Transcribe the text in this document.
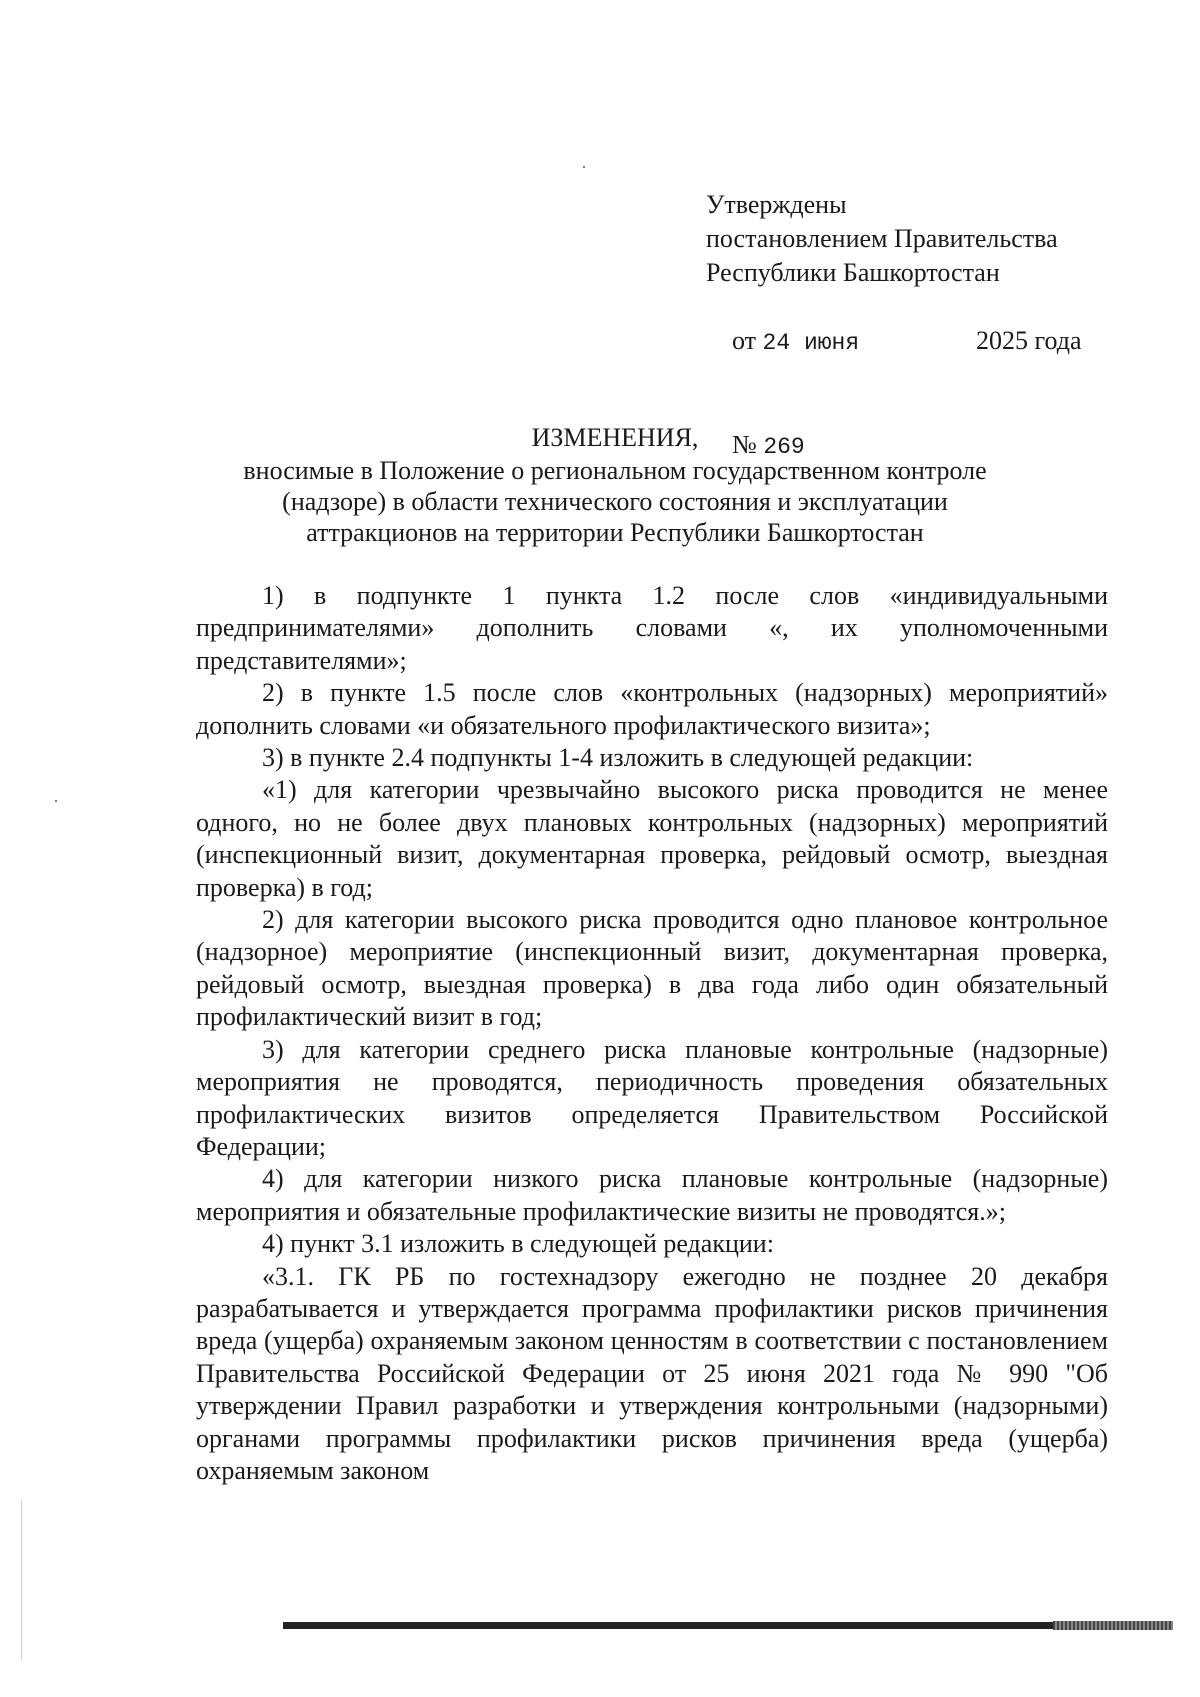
Утверждены
постановлением Правительства
Республики Башкортостан

от 24 июня	2025 года

№ 269

ИЗМЕНЕНИЯ,
вносимые в Положение о региональном государственном контроле
(надзоре) в области технического состояния и эксплуатации
аттракционов на территории Республики Башкортостан

1) в подпункте 1 пункта 1.2 после слов «индивидуальными предпринимателями» дополнить словами «, их уполномоченными представителями»;

2) в пункте 1.5 после слов «контрольных (надзорных) мероприятий» дополнить словами «и обязательного профилактического визита»;

3) в пункте 2.4 подпункты 1-4 изложить в следующей редакции:

«1) для категории чрезвычайно высокого риска проводится не менее одного, но не более двух плановых контрольных (надзорных) мероприятий (инспекционный визит, документарная проверка, рейдовый осмотр, выездная проверка) в год;

2) для категории высокого риска проводится одно плановое контрольное (надзорное) мероприятие (инспекционный визит, документарная проверка, рейдовый осмотр, выездная проверка) в два года либо один обязательный профилактический визит в год;

3) для категории среднего риска плановые контрольные (надзорные) мероприятия не проводятся, периодичность проведения обязательных профилактических визитов определяется Правительством Российской Федерации;

4) для категории низкого риска плановые контрольные (надзорные) мероприятия и обязательные профилактические визиты не проводятся.»;

4) пункт 3.1 изложить в следующей редакции:

«3.1. ГК РБ по гостехнадзору ежегодно не позднее 20 декабря разрабатывается и утверждается программа профилактики рисков причинения вреда (ущерба) охраняемым законом ценностям в соответствии с постановлением Правительства Российской Федерации от 25 июня 2021 года № 990 "Об утверждении Правил разработки и утверждения контрольными (надзорными) органами программы профилактики рисков причинения вреда (ущерба) охраняемым законом
